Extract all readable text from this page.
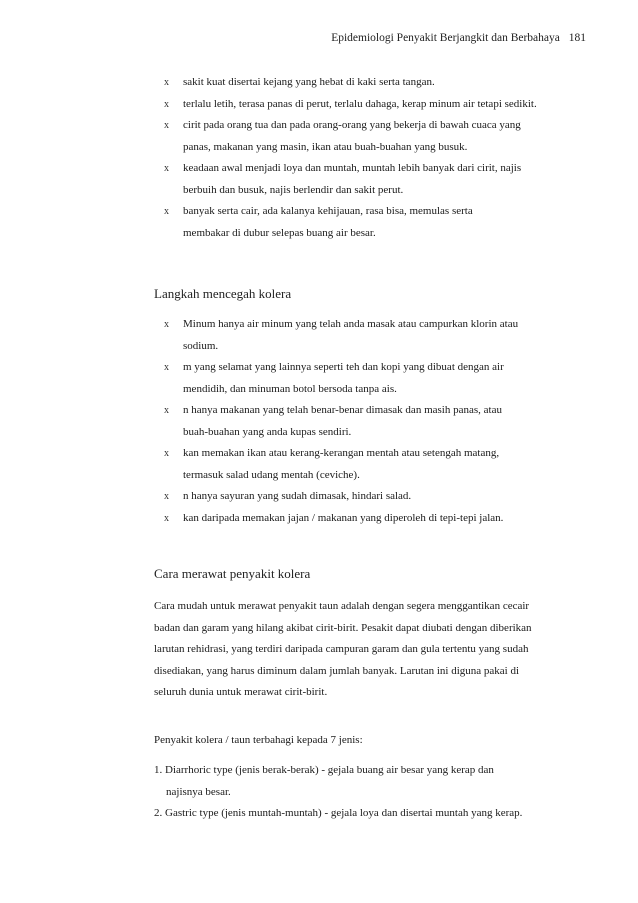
Epidemiologi Penyakit Berjangkit dan Berbahaya 181
x sakit kuat disertai kejang yang hebat di kaki serta tangan.
x terlalu letih, terasa panas di perut, terlalu dahaga, kerap minum air tetapi sedikit.
x cirit pada orang tua dan pada orang-orang yang bekerja di bawah cuaca yang
panas, makanan yang masin, ikan atau buah-buahan yang busuk.
x keadaan awal menjadi loya dan muntah, muntah lebih banyak dari cirit, najis
berbuih dan busuk, najis berlendir dan sakit perut.
x banyak serta cair, ada kalanya kehijauan, rasa bisa, memulas serta
membakar di dubur selepas buang air besar.
Langkah mencegah kolera
x Minum hanya air minum yang telah anda masak atau campurkan klorin atau
sodium.
x m yang selamat yang lainnya seperti teh dan kopi yang dibuat dengan air
mendidih, dan minuman botol bersoda tanpa ais.
x n hanya makanan yang telah benar-benar dimasak dan masih panas, atau
buah-buahan yang anda kupas sendiri.
x kan memakan ikan atau kerang-kerangan mentah atau setengah matang,
termasuk salad udang mentah (ceviche).
x n hanya sayuran yang sudah dimasak, hindari salad.
x kan daripada memakan jajan / makanan yang diperoleh di tepi-tepi jalan.
Cara merawat penyakit kolera
Cara mudah untuk merawat penyakit taun adalah dengan segera menggantikan cecair
badan dan garam yang hilang akibat cirit-birit. Pesakit dapat diubati dengan diberikan
larutan rehidrasi, yang terdiri daripada campuran garam dan gula tertentu yang sudah
disediakan, yang harus diminum dalam jumlah banyak. Larutan ini diguna pakai di
seluruh dunia untuk merawat cirit-birit.
Penyakit kolera / taun terbahagi kepada 7 jenis:
1. Diarrhoric type (jenis berak-berak) - gejala buang air besar yang kerap dan
najisnya besar.
2. Gastric type (jenis muntah-muntah) - gejala loya dan disertai muntah yang kerap.
